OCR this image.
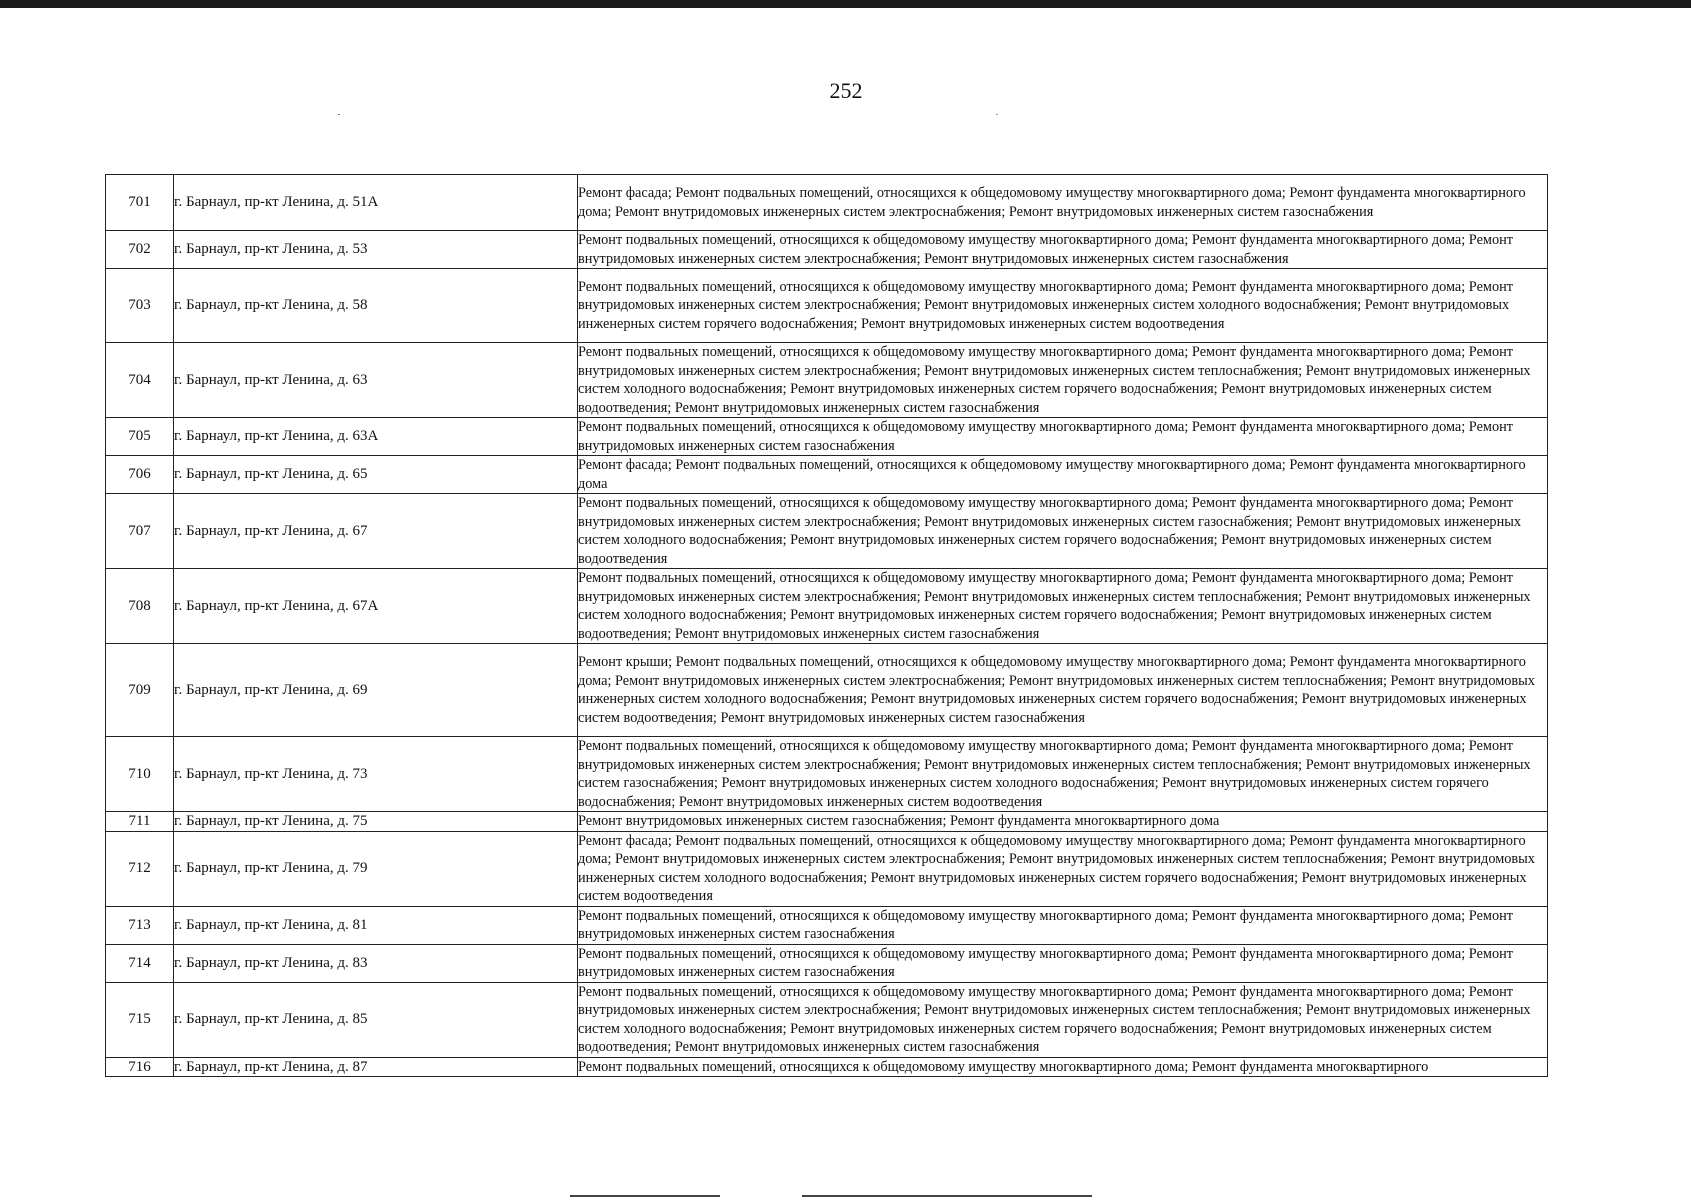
252
701	г. Барнаул, пр-кт Ленина, д. 51А	Ремонт фасада; Ремонт подвальных помещений, относящихся к общедомовому имуществу многоквартирного дома; Ремонт фундамента многоквартирного дома; Ремонт внутридомовых инженерных систем электроснабжения; Ремонт внутридомовых инженерных систем газоснабжения
702	г. Барнаул, пр-кт Ленина, д. 53	Ремонт подвальных помещений, относящихся к общедомовому имуществу многоквартирного дома; Ремонт фундамента многоквартирного дома; Ремонт внутридомовых инженерных систем электроснабжения; Ремонт внутридомовых инженерных систем газоснабжения
703	г. Барнаул, пр-кт Ленина, д. 58	Ремонт подвальных помещений, относящихся к общедомовому имуществу многоквартирного дома; Ремонт фундамента многоквартирного дома; Ремонт внутридомовых инженерных систем электроснабжения; Ремонт внутридомовых инженерных систем холодного водоснабжения; Ремонт внутридомовых инженерных систем горячего водоснабжения; Ремонт внутридомовых инженерных систем водоотведения
704	г. Барнаул, пр-кт Ленина, д. 63	Ремонт подвальных помещений, относящихся к общедомовому имуществу многоквартирного дома; Ремонт фундамента многоквартирного дома; Ремонт внутридомовых инженерных систем электроснабжения; Ремонт внутридомовых инженерных систем теплоснабжения; Ремонт внутридомовых инженерных систем холодного водоснабжения; Ремонт внутридомовых инженерных систем горячего водоснабжения; Ремонт внутридомовых инженерных систем водоотведения; Ремонт внутридомовых инженерных систем газоснабжения
705	г. Барнаул, пр-кт Ленина, д. 63А	Ремонт подвальных помещений, относящихся к общедомовому имуществу многоквартирного дома; Ремонт фундамента многоквартирного дома; Ремонт внутридомовых инженерных систем газоснабжения
706	г. Барнаул, пр-кт Ленина, д. 65	Ремонт фасада; Ремонт подвальных помещений, относящихся к общедомовому имуществу многоквартирного дома; Ремонт фундамента многоквартирного дома
707	г. Барнаул, пр-кт Ленина, д. 67	Ремонт подвальных помещений, относящихся к общедомовому имуществу многоквартирного дома; Ремонт фундамента многоквартирного дома; Ремонт внутридомовых инженерных систем электроснабжения; Ремонт внутридомовых инженерных систем газоснабжения; Ремонт внутридомовых инженерных систем холодного водоснабжения; Ремонт внутридомовых инженерных систем горячего водоснабжения; Ремонт внутридомовых инженерных систем водоотведения
708	г. Барнаул, пр-кт Ленина, д. 67А	Ремонт подвальных помещений, относящихся к общедомовому имуществу многоквартирного дома; Ремонт фундамента многоквартирного дома; Ремонт внутридомовых инженерных систем электроснабжения; Ремонт внутридомовых инженерных систем теплоснабжения; Ремонт внутридомовых инженерных систем холодного водоснабжения; Ремонт внутридомовых инженерных систем горячего водоснабжения; Ремонт внутридомовых инженерных систем водоотведения; Ремонт внутридомовых инженерных систем газоснабжения
709	г. Барнаул, пр-кт Ленина, д. 69	Ремонт крыши; Ремонт подвальных помещений, относящихся к общедомовому имуществу многоквартирного дома; Ремонт фундамента многоквартирного дома; Ремонт внутридомовых инженерных систем электроснабжения; Ремонт внутридомовых инженерных систем теплоснабжения; Ремонт внутридомовых инженерных систем холодного водоснабжения; Ремонт внутридомовых инженерных систем горячего водоснабжения; Ремонт внутридомовых инженерных систем водоотведения; Ремонт внутридомовых инженерных систем газоснабжения
710	г. Барнаул, пр-кт Ленина, д. 73	Ремонт подвальных помещений, относящихся к общедомовому имуществу многоквартирного дома; Ремонт фундамента многоквартирного дома; Ремонт внутридомовых инженерных систем электроснабжения; Ремонт внутридомовых инженерных систем теплоснабжения; Ремонт внутридомовых инженерных систем газоснабжения; Ремонт внутридомовых инженерных систем холодного водоснабжения; Ремонт внутридомовых инженерных систем горячего водоснабжения; Ремонт внутридомовых инженерных систем водоотведения
711	г. Барнаул, пр-кт Ленина, д. 75	Ремонт внутридомовых инженерных систем газоснабжения; Ремонт фундамента многоквартирного дома
712	г. Барнаул, пр-кт Ленина, д. 79	Ремонт фасада; Ремонт подвальных помещений, относящихся к общедомовому имуществу многоквартирного дома; Ремонт фундамента многоквартирного дома; Ремонт внутридомовых инженерных систем электроснабжения; Ремонт внутридомовых инженерных систем теплоснабжения; Ремонт внутридомовых инженерных систем холодного водоснабжения; Ремонт внутридомовых инженерных систем горячего водоснабжения; Ремонт внутридомовых инженерных систем водоотведения
713	г. Барнаул, пр-кт Ленина, д. 81	Ремонт подвальных помещений, относящихся к общедомовому имуществу многоквартирного дома; Ремонт фундамента многоквартирного дома; Ремонт внутридомовых инженерных систем газоснабжения
714	г. Барнаул, пр-кт Ленина, д. 83	Ремонт подвальных помещений, относящихся к общедомовому имуществу многоквартирного дома; Ремонт фундамента многоквартирного дома; Ремонт внутридомовых инженерных систем газоснабжения
715	г. Барнаул, пр-кт Ленина, д. 85	Ремонт подвальных помещений, относящихся к общедомовому имуществу многоквартирного дома; Ремонт фундамента многоквартирного дома; Ремонт внутридомовых инженерных систем электроснабжения; Ремонт внутридомовых инженерных систем теплоснабжения; Ремонт внутридомовых инженерных систем холодного водоснабжения; Ремонт внутридомовых инженерных систем горячего водоснабжения; Ремонт внутридомовых инженерных систем водоотведения; Ремонт внутридомовых инженерных систем газоснабжения
716	г. Барнаул, пр-кт Ленина, д. 87	Ремонт подвальных помещений, относящихся к общедомовому имуществу многоквартирного дома; Ремонт фундамента многоквартирного
